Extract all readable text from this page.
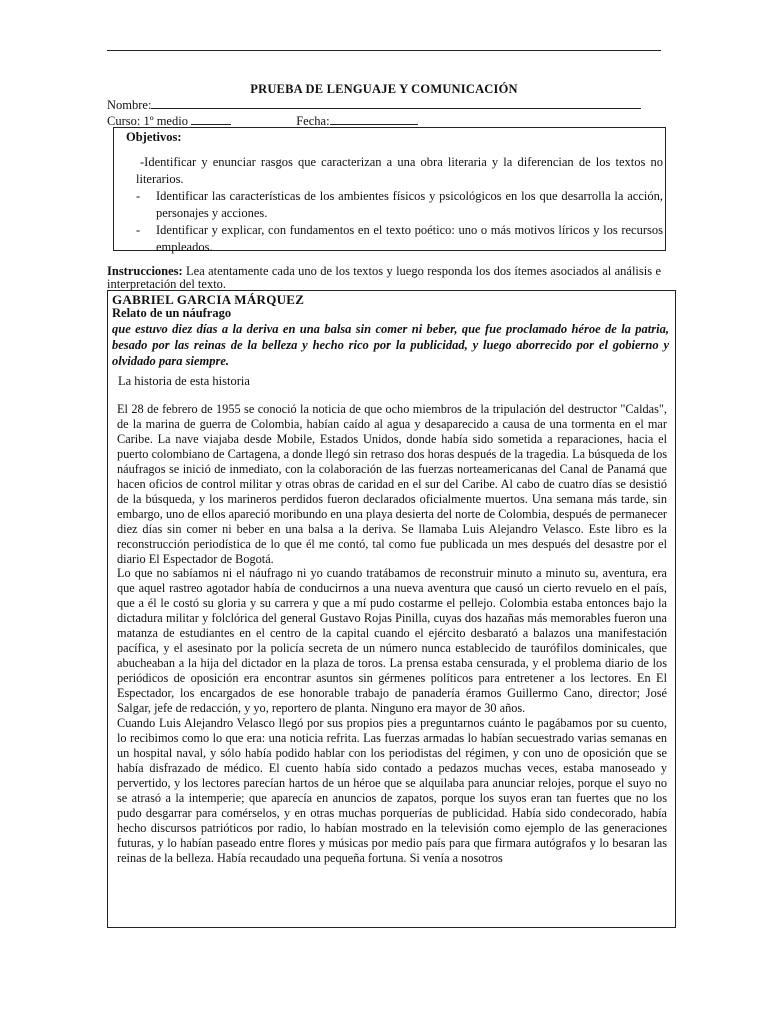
PRUEBA DE LENGUAJE Y COMUNICACIÓN
Nombre:
Curso: 1º medio	Fecha:
Objetivos:
-Identificar y enunciar rasgos que caracterizan a una obra literaria y la diferencian de los textos no literarios.
-	Identificar las características de los ambientes físicos y psicológicos en los que desarrolla la acción, personajes y acciones.
-	Identificar y explicar, con fundamentos en el texto poético: uno o más motivos líricos y los recursos empleados.
Instrucciones: Lea atentamente cada uno de los textos y luego responda los dos ítemes asociados al análisis e interpretación del texto.
GABRIEL GARCIA MÁRQUEZ
Relato de un náufrago
que estuvo diez días a la deriva en una balsa sin comer ni beber, que fue proclamado héroe de la patria, besado por las reinas de la belleza y hecho rico por la publicidad, y luego aborrecido por el gobierno y olvidado para siempre.
La historia de esta historia

El 28 de febrero de 1955 se conoció la noticia de que ocho miembros de la tripulación del destructor "Caldas", de la marina de guerra de Colombia, habían caído al agua y desaparecido a causa de una tormenta en el mar Caribe. La nave viajaba desde Mobile, Estados Unidos, donde había sido sometida a reparaciones, hacia el puerto colombiano de Cartagena, a donde llegó sin retraso dos horas después de la tragedia. La búsqueda de los náufragos se inició de inmediato, con la colaboración de las fuerzas norteamericanas del Canal de Panamá que hacen oficios de control militar y otras obras de caridad en el sur del Caribe. Al cabo de cuatro días se desistió de la búsqueda, y los marineros perdidos fueron declarados oficialmente muertos. Una semana más tarde, sin embargo, uno de ellos apareció moribundo en una playa desierta del norte de Colombia, después de permanecer diez días sin comer ni beber en una balsa a la deriva. Se llamaba Luis Alejandro Velasco. Este libro es la reconstrucción periodística de lo que él me contó, tal como fue publicada un mes después del desastre por el diario El Espectador de Bogotá.

Lo que no sabíamos ni el náufrago ni yo cuando tratábamos de reconstruir minuto a minuto su, aventura, era que aquel rastreo agotador había de conducirnos a una nueva aventura que causó un cierto revuelo en el país, que a él le costó su gloria y su carrera y que a mí pudo costarme el pellejo. Colombia estaba entonces bajo la dictadura militar y folclórica del general Gustavo Rojas Pinilla, cuyas dos hazañas más memorables fueron una matanza de estudiantes en el centro de la capital cuando el ejército desbarató a balazos una manifestación pacífica, y el asesinato por la policía secreta de un número nunca establecido de taurófilos dominicales, que abucheaban a la hija del dictador en la plaza de toros. La prensa estaba censurada, y el problema diario de los periódicos de oposición era encontrar asuntos sin gérmenes políticos para entretener a los lectores. En El Espectador, los encargados de ese honorable trabajo de panadería éramos Guillermo Cano, director; José Salgar, jefe de redacción, y yo, reportero de planta. Ninguno era mayor de 30 años.

Cuando Luis Alejandro Velasco llegó por sus propios pies a preguntarnos cuánto le pagábamos por su cuento, lo recibimos como lo que era: una noticia refrita. Las fuerzas armadas lo habían secuestrado varias semanas en un hospital naval, y sólo había podido hablar con los periodistas del régimen, y con uno de oposición que se había disfrazado de médico. El cuento había sido contado a pedazos muchas veces, estaba manoseado y pervertido, y los lectores parecían hartos de un héroe que se alquilaba para anunciar relojes, porque el suyo no se atrasó a la intemperie; que aparecía en anuncios de zapatos, porque los suyos eran tan fuertes que no los pudo desgarrar para comérselos, y en otras muchas porquerías de publicidad. Había sido condecorado, había hecho discursos patrióticos por radio, lo habían mostrado en la televisión como ejemplo de las generaciones futuras, y lo habían paseado entre flores y músicas por medio país para que firmara autógrafos y lo besaran las reinas de la belleza. Había recaudado una pequeña fortuna. Si venía a nosotros
